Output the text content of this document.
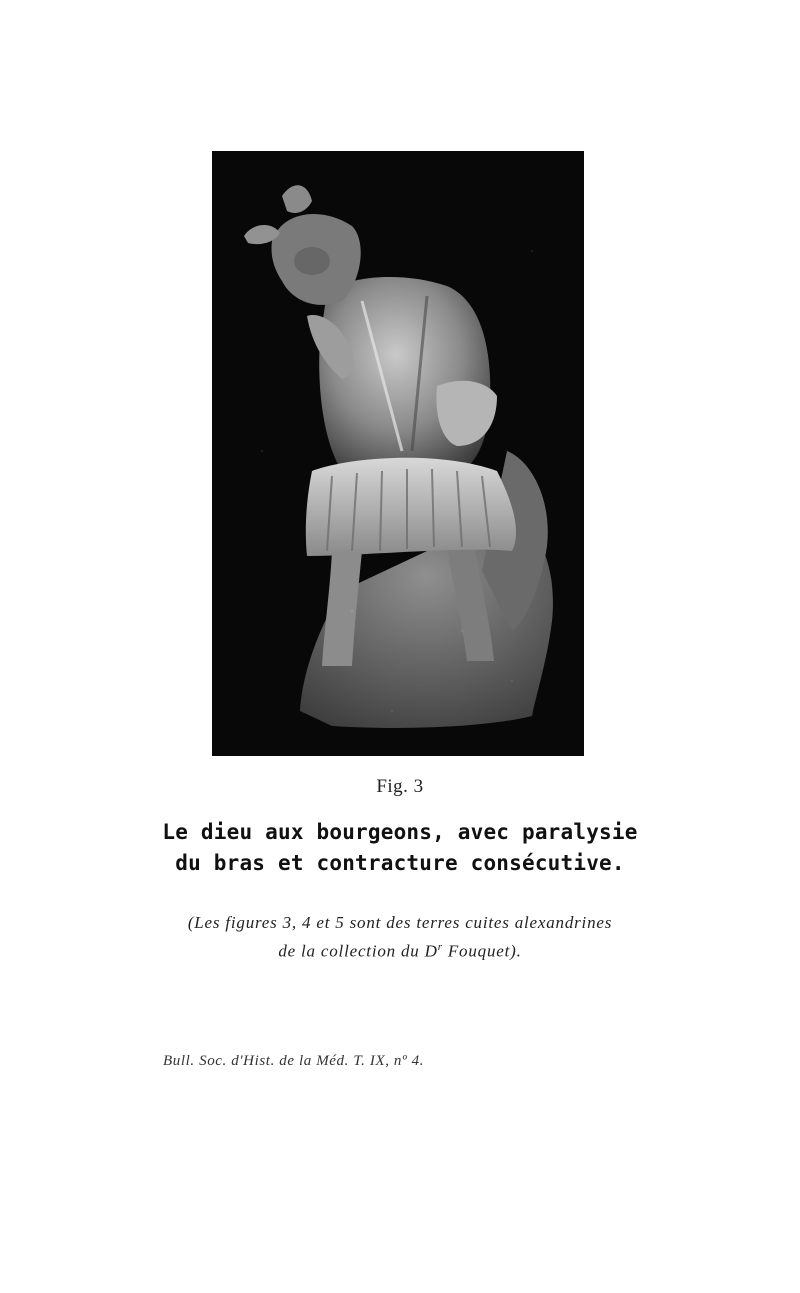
Fig. 3
Le dieu aux bourgeons, avec paralysie
du bras et contracture consécutive.
(Les figures 3, 4 et 5 sont des terres cuites alexandrines
de la collection du $D^r$ Fouquet).
Bull. Soc. d'Hist. de la Méd. T. IX, nº 4.
